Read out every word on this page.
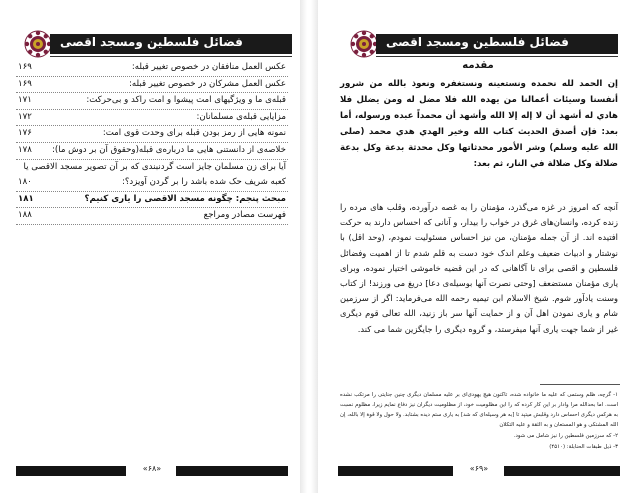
فضائل فلسطین ومسجد اقصی
عکس العمل منافقان در خصوص تغییر قبله:
۱۶۹
عکس العمل مشرکان در خصوص تغییر قبله:
۱۶۹
قبله‌ی ما و ویژگیهای امت پیشوا و امت راکد و بی‌حرکت:
۱۷۱
مزایایی قبله‌ی مسلمانان:
۱۷۲
نمونه هایی از رمز بودن قبله برای وحدت قوی امت:
۱۷۶
خلاصه‌ی از دانستنی هایی ما درباره‌ی قبله(وحقوق آن بر دوش ما):
۱۷۸
آیا برای زن مسلمان جایز است گردنبندی که بر آن تصویر مسجد الاقصی یا
کعبه شریف حک شده باشد را بر گردن آویزد؟:
۱۸۰
مبحث پنجم: چگونه مسجد الاقصی را یاری کنیم؟
۱۸۱
فهرست مصادر ومراجع
۱۸۸
«۶۸»
فضائل فلسطین ومسجد اقصی
مقدمه

إن الحمد لله نحمده ونستعينه ونستغفره ونعوذ بالله من شرور أنفسنا وسيئات أعمالنا من يهده الله فلا مضل له ومن يضلل فلا هادي له أشهد أن لا إله إلا الله وأشهد أن محمداً عبده ورسوله، أما بعد: فإن أصدق الحديث كتاب الله وخير الهدي هدي محمد (صلى الله عليه وسلم) وشر الأمور محدثاتها وكل محدثة بدعة وكل بدعة ضلالة وكل ضلالة في النار، ثم بعد:

آنچه که امروز در غزه می‌گذرد، مؤمنان را به غصه درآورده، وقلب های مرده را زنده کرده، وانسان‌های غرق در خواب را بیدار، و آنانی که احساس دارند به حرکت افتیده اند. از آن جمله مؤمنان، من نیز احساس مسئولیت نمودم، (وحد اقل) با نوشتار و ادبیات ضعیف وعلم اندک خود دست به قلم شدم تا از اهمیت وفضائل فلسطین و اقصی برای نا آگاهانی که در این قضیه خاموشی اختیار نموده، وبرای یاری مؤمنان مستضعف [وحتی نصرت آنها بوسیله‌ی دعا] دریغ می ورزند! از کتاب وسنت یادآور شوم. شیخ الاسلام ابن تیمیه رحمه الله می‌فرماید: اگر از سرزمین شام و یاری نمودن اهل آن و از حمایت آنها سر باز زنید، الله تعالی قوم دیگری غیر از شما جهت یاری آنها میفرستد، و گروه دیگری را جایگزین شما می کند.

۱- گرچه، ظلم وستمی که علیه ما خانواده شده، تاکنون هیچ یهودی‌ای بر علیه مسلمان دیگری چنین جنایتی را مرتکب نشده است. اما بحدالله مرا وادار بر این کار کرده که را این مظلومیت خود، از مظلومیت دیگران نیز دفاع نمایم زیرا، مظلوم نسبت به هرکس دیگری احساس دارد وقلبش میتپد تا [به هر وسیله‌ای که شد] به یاری ستم دیده بشتابد. ولا حول ولا قوة إلا بالله، إن الله المشتکی و هو المستعان و به الثقة و علیه التکلان

۲- که سرزمین فلسطین را نیز شامل می شود.

۳- ذیل طبقات الحنابلة: (۴۵۱۰)

«۶۹»
